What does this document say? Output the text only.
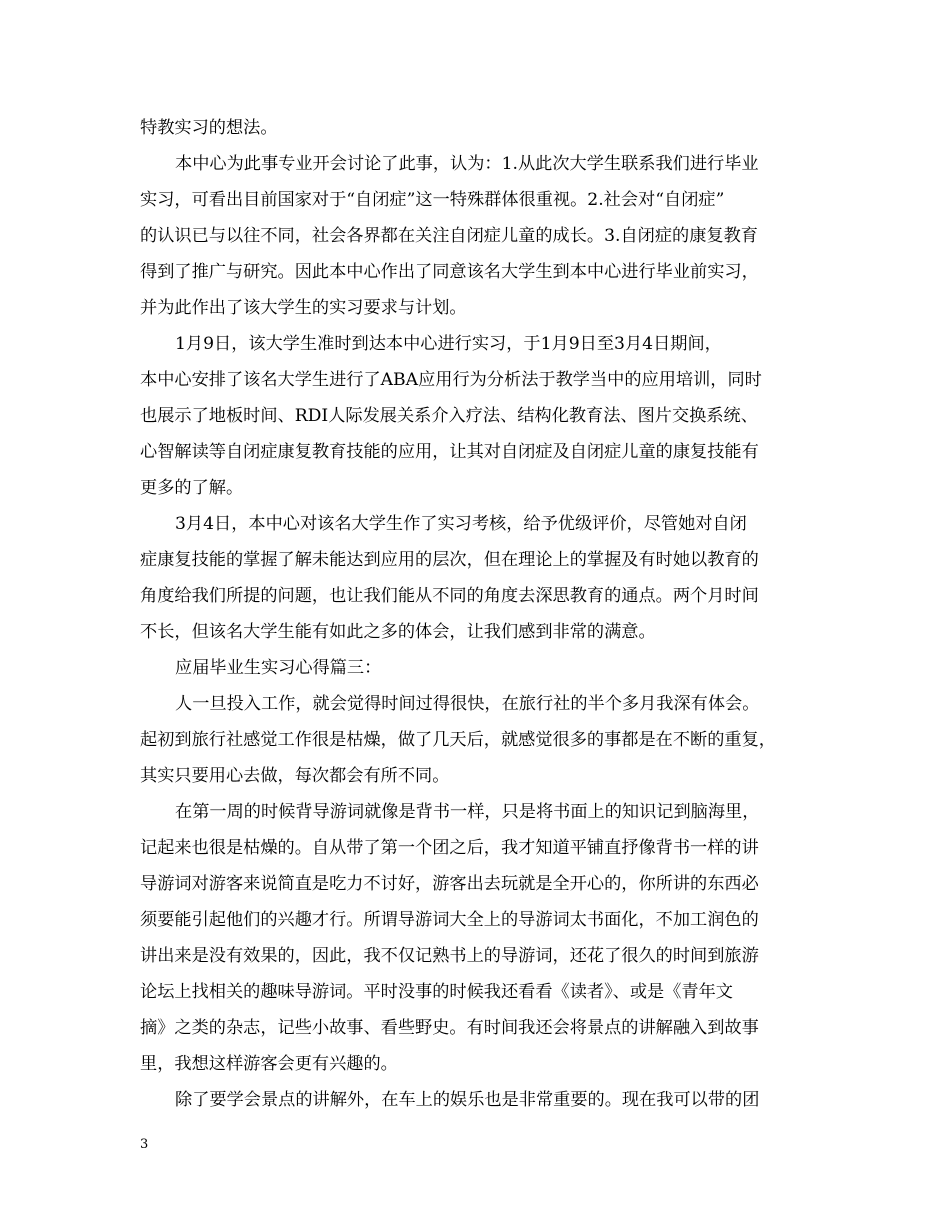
特教实习的想法。
本中心为此事专业开会讨论了此事，认为：1.从此次大学生联系我们进行毕业
实习，可看出目前国家对于“自闭症”这一特殊群体很重视。2.社会对“自闭症”
的认识已与以往不同，社会各界都在关注自闭症儿童的成长。3.自闭症的康复教育
得到了推广与研究。因此本中心作出了同意该名大学生到本中心进行毕业前实习，
并为此作出了该大学生的实习要求与计划。
1月9日，该大学生准时到达本中心进行实习，于1月9日至3月4日期间，
本中心安排了该名大学生进行了ABA应用行为分析法于教学当中的应用培训，同时
也展示了地板时间、RDI人际发展关系介入疗法、结构化教育法、图片交换系统、
心智解读等自闭症康复教育技能的应用，让其对自闭症及自闭症儿童的康复技能有
更多的了解。
3月4日，本中心对该名大学生作了实习考核，给予优级评价，尽管她对自闭
症康复技能的掌握了解未能达到应用的层次，但在理论上的掌握及有时她以教育的
角度给我们所提的问题，也让我们能从不同的角度去深思教育的通点。两个月时间
不长，但该名大学生能有如此之多的体会，让我们感到非常的满意。
应届毕业生实习心得篇三：
人一旦投入工作，就会觉得时间过得很快，在旅行社的半个多月我深有体会。
起初到旅行社感觉工作很是枯燥，做了几天后，就感觉很多的事都是在不断的重复，
其实只要用心去做，每次都会有所不同。
在第一周的时候背导游词就像是背书一样，只是将书面上的知识记到脑海里，
记起来也很是枯燥的。自从带了第一个团之后，我才知道平铺直抒像背书一样的讲
导游词对游客来说简直是吃力不讨好，游客出去玩就是全开心的，你所讲的东西必
须要能引起他们的兴趣才行。所谓导游词大全上的导游词太书面化，不加工润色的
讲出来是没有效果的，因此，我不仅记熟书上的导游词，还花了很久的时间到旅游
论坛上找相关的趣味导游词。平时没事的时候我还看看《读者》、或是《青年文
摘》之类的杂志，记些小故事、看些野史。有时间我还会将景点的讲解融入到故事
里，我想这样游客会更有兴趣的。
除了要学会景点的讲解外，在车上的娱乐也是非常重要的。现在我可以带的团
3
